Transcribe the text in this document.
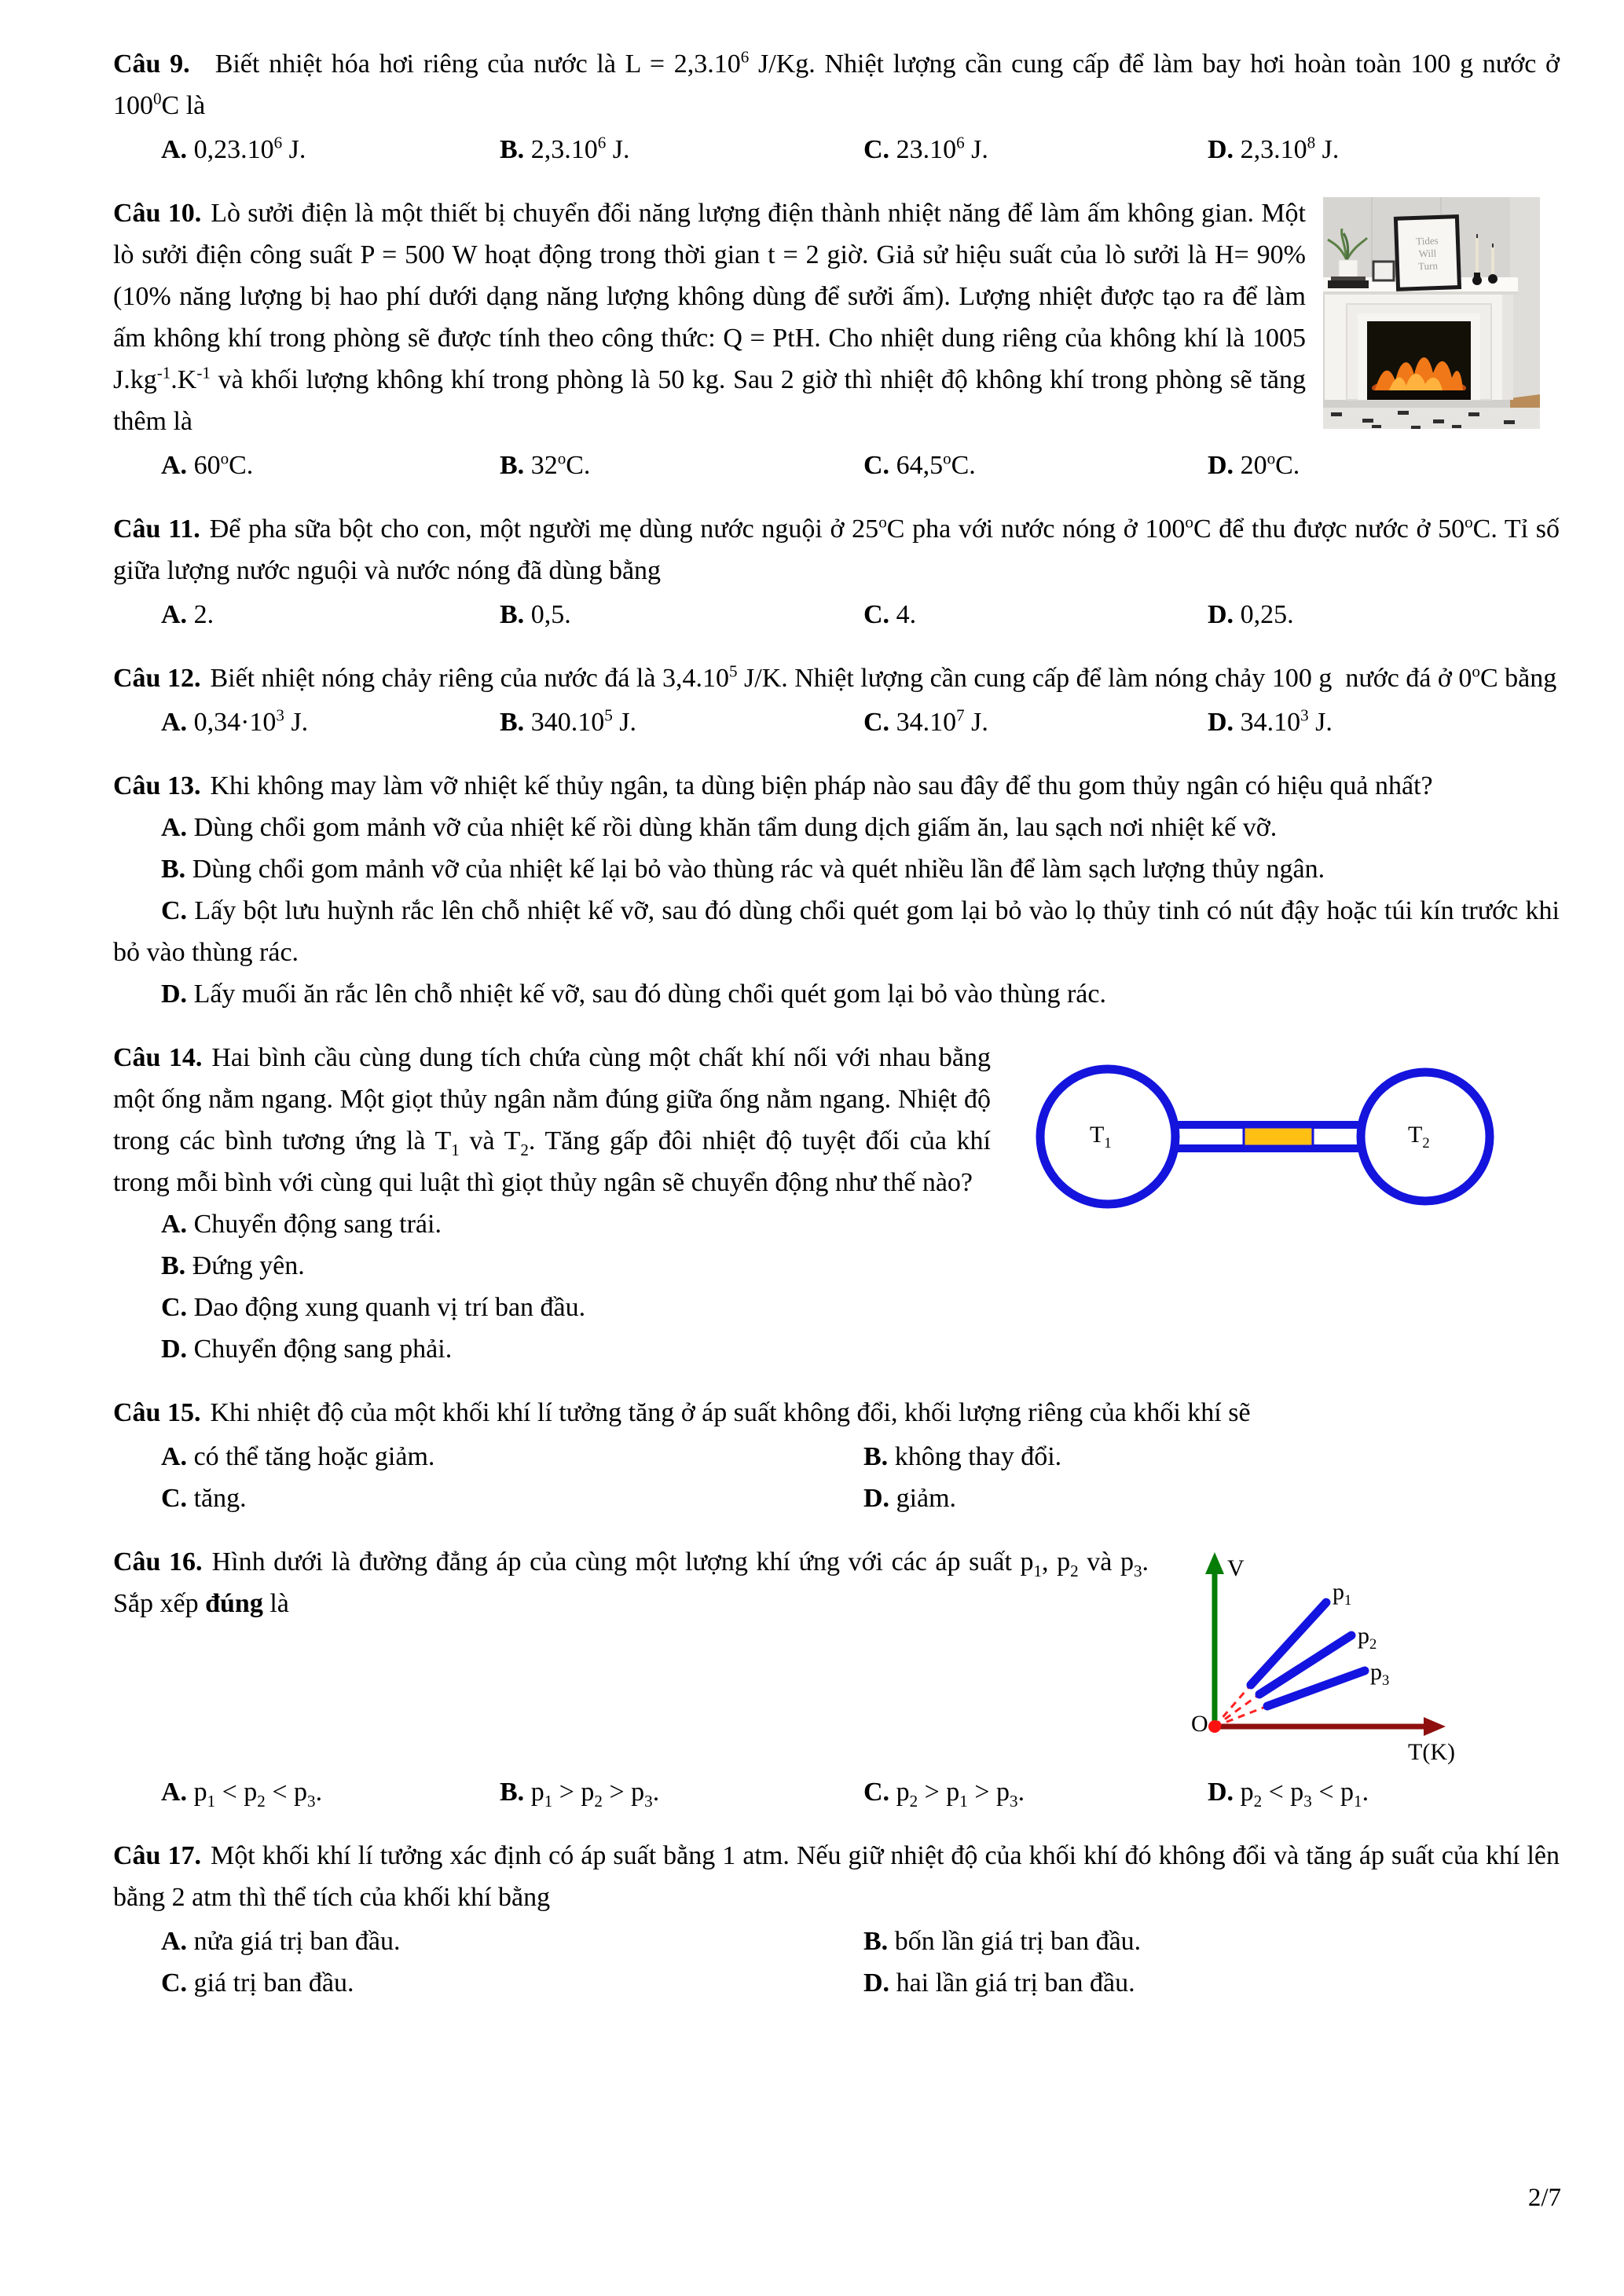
Câu 9. Biết nhiệt hóa hơi riêng của nước là $L = 2,3.10^6$ J/Kg. Nhiệt lượng cần cung cấp để làm bay hơi hoàn toàn 100 g nước ở $100^0C$ là

A. 0,23.10$^6$ J.	B. 2,3.10$^6$ J.	C. 23.10$^6$ J.	D. 2,3.10$^8$ J.

Tides
Will
Turn
Câu 10. Lò sưởi điện là một thiết bị chuyển đổi năng lượng điện thành nhiệt năng để làm ấm không gian. Một lò sưởi điện công suất P = 500 W hoạt động trong thời gian t = 2 giờ. Giả sử hiệu suất của lò sưởi là H= 90% (10% năng lượng bị hao phí dưới dạng năng lượng không dùng để sưởi ấm). Lượng nhiệt được tạo ra để làm ấm không khí trong phòng sẽ được tính theo công thức: Q = PtH. Cho nhiệt dung riêng của không khí là 1005 $J.kg^{-1}.K^{-1}$ và khối lượng không khí trong phòng là 50 kg. Sau 2 giờ thì nhiệt độ không khí trong phòng sẽ tăng thêm là

A. 60$^o$C.	B. 32$^o$C.	C. 64,5$^o$C.	D. 20$^o$C.

Câu 11. Để pha sữa bột cho con, một người mẹ dùng nước nguội ở 25$^o$C pha với nước nóng ở 100$^o$C để thu được nước ở 50$^o$C. Tỉ số giữa lượng nước nguội và nước nóng đã dùng bằng

A. 2.	B. 0,5.	C. 4.	D. 0,25.

Câu 12. Biết nhiệt nóng chảy riêng của nước đá là 3,4.10$^5$ J/K. Nhiệt lượng cần cung cấp để làm nóng chảy 100 g  nước đá ở 0$^o$C bằng

A. $0,34\cdot 10^3$ J.	B. 340.10$^5$ J.	C. 34.10$^7$ J.	D. 34.10$^3$ J.

Câu 13. Khi không may làm vỡ nhiệt kế thủy ngân, ta dùng biện pháp nào sau đây để thu gom thủy ngân có hiệu quả nhất?

A. Dùng chổi gom mảnh vỡ của nhiệt kế rồi dùng khăn tẩm dung dịch giấm ăn, lau sạch nơi nhiệt kế vỡ.

B. Dùng chổi gom mảnh vỡ của nhiệt kế lại bỏ vào thùng rác và quét nhiều lần để làm sạch lượng thủy ngân.

C. Lấy bột lưu huỳnh rắc lên chỗ nhiệt kế vỡ, sau đó dùng chổi quét gom lại bỏ vào lọ thủy tinh có nút đậy hoặc túi kín trước khi bỏ vào thùng rác.

D. Lấy muối ăn rắc lên chỗ nhiệt kế vỡ, sau đó dùng chổi quét gom lại bỏ vào thùng rác.

$T_1$	$T_2$
Câu 14. Hai bình cầu cùng dung tích chứa cùng một chất khí nối với nhau bằng một ống nằm ngang. Một giọt thủy ngân nằm đúng giữa ống nằm ngang. Nhiệt độ trong các bình tương ứng là $T_1$ và $T_2$. Tăng gấp đôi nhiệt độ tuyệt đối của khí trong mỗi bình với cùng qui luật thì giọt thủy ngân sẽ chuyển động như thế nào?

A. Chuyển động sang trái.

B. Đứng yên.

C. Dao động xung quanh vị trí ban đầu.

D. Chuyển động sang phải.

Câu 15. Khi nhiệt độ của một khối khí lí tưởng tăng ở áp suất không đổi, khối lượng riêng của khối khí sẽ

A. có thể tăng hoặc giảm.	B. không thay đổi.
C. tăng.	D. giảm.

V
T(K)
O
$p_1$
$p_2$
$p_3$
Câu 16. Hình dưới là đường đẳng áp của cùng một lượng khí ứng với các áp suất $p_1$, $p_2$ và $p_3$. Sắp xếp đúng là

A. $p_1 < p_2 < p_3$.	B. $p_1 > p_2 > p_3$.	C. $p_2 > p_1 > p_3$.	D. $p_2 < p_3 < p_1$.

Câu 17. Một khối khí lí tưởng xác định có áp suất bằng 1 atm. Nếu giữ nhiệt độ của khối khí đó không đổi và tăng áp suất của khí lên bằng 2 atm thì thể tích của khối khí bằng

A. nửa giá trị ban đầu.	B. bốn lần giá trị ban đầu.
C. giá trị ban đầu.	D. hai lần giá trị ban đầu.
2/7
